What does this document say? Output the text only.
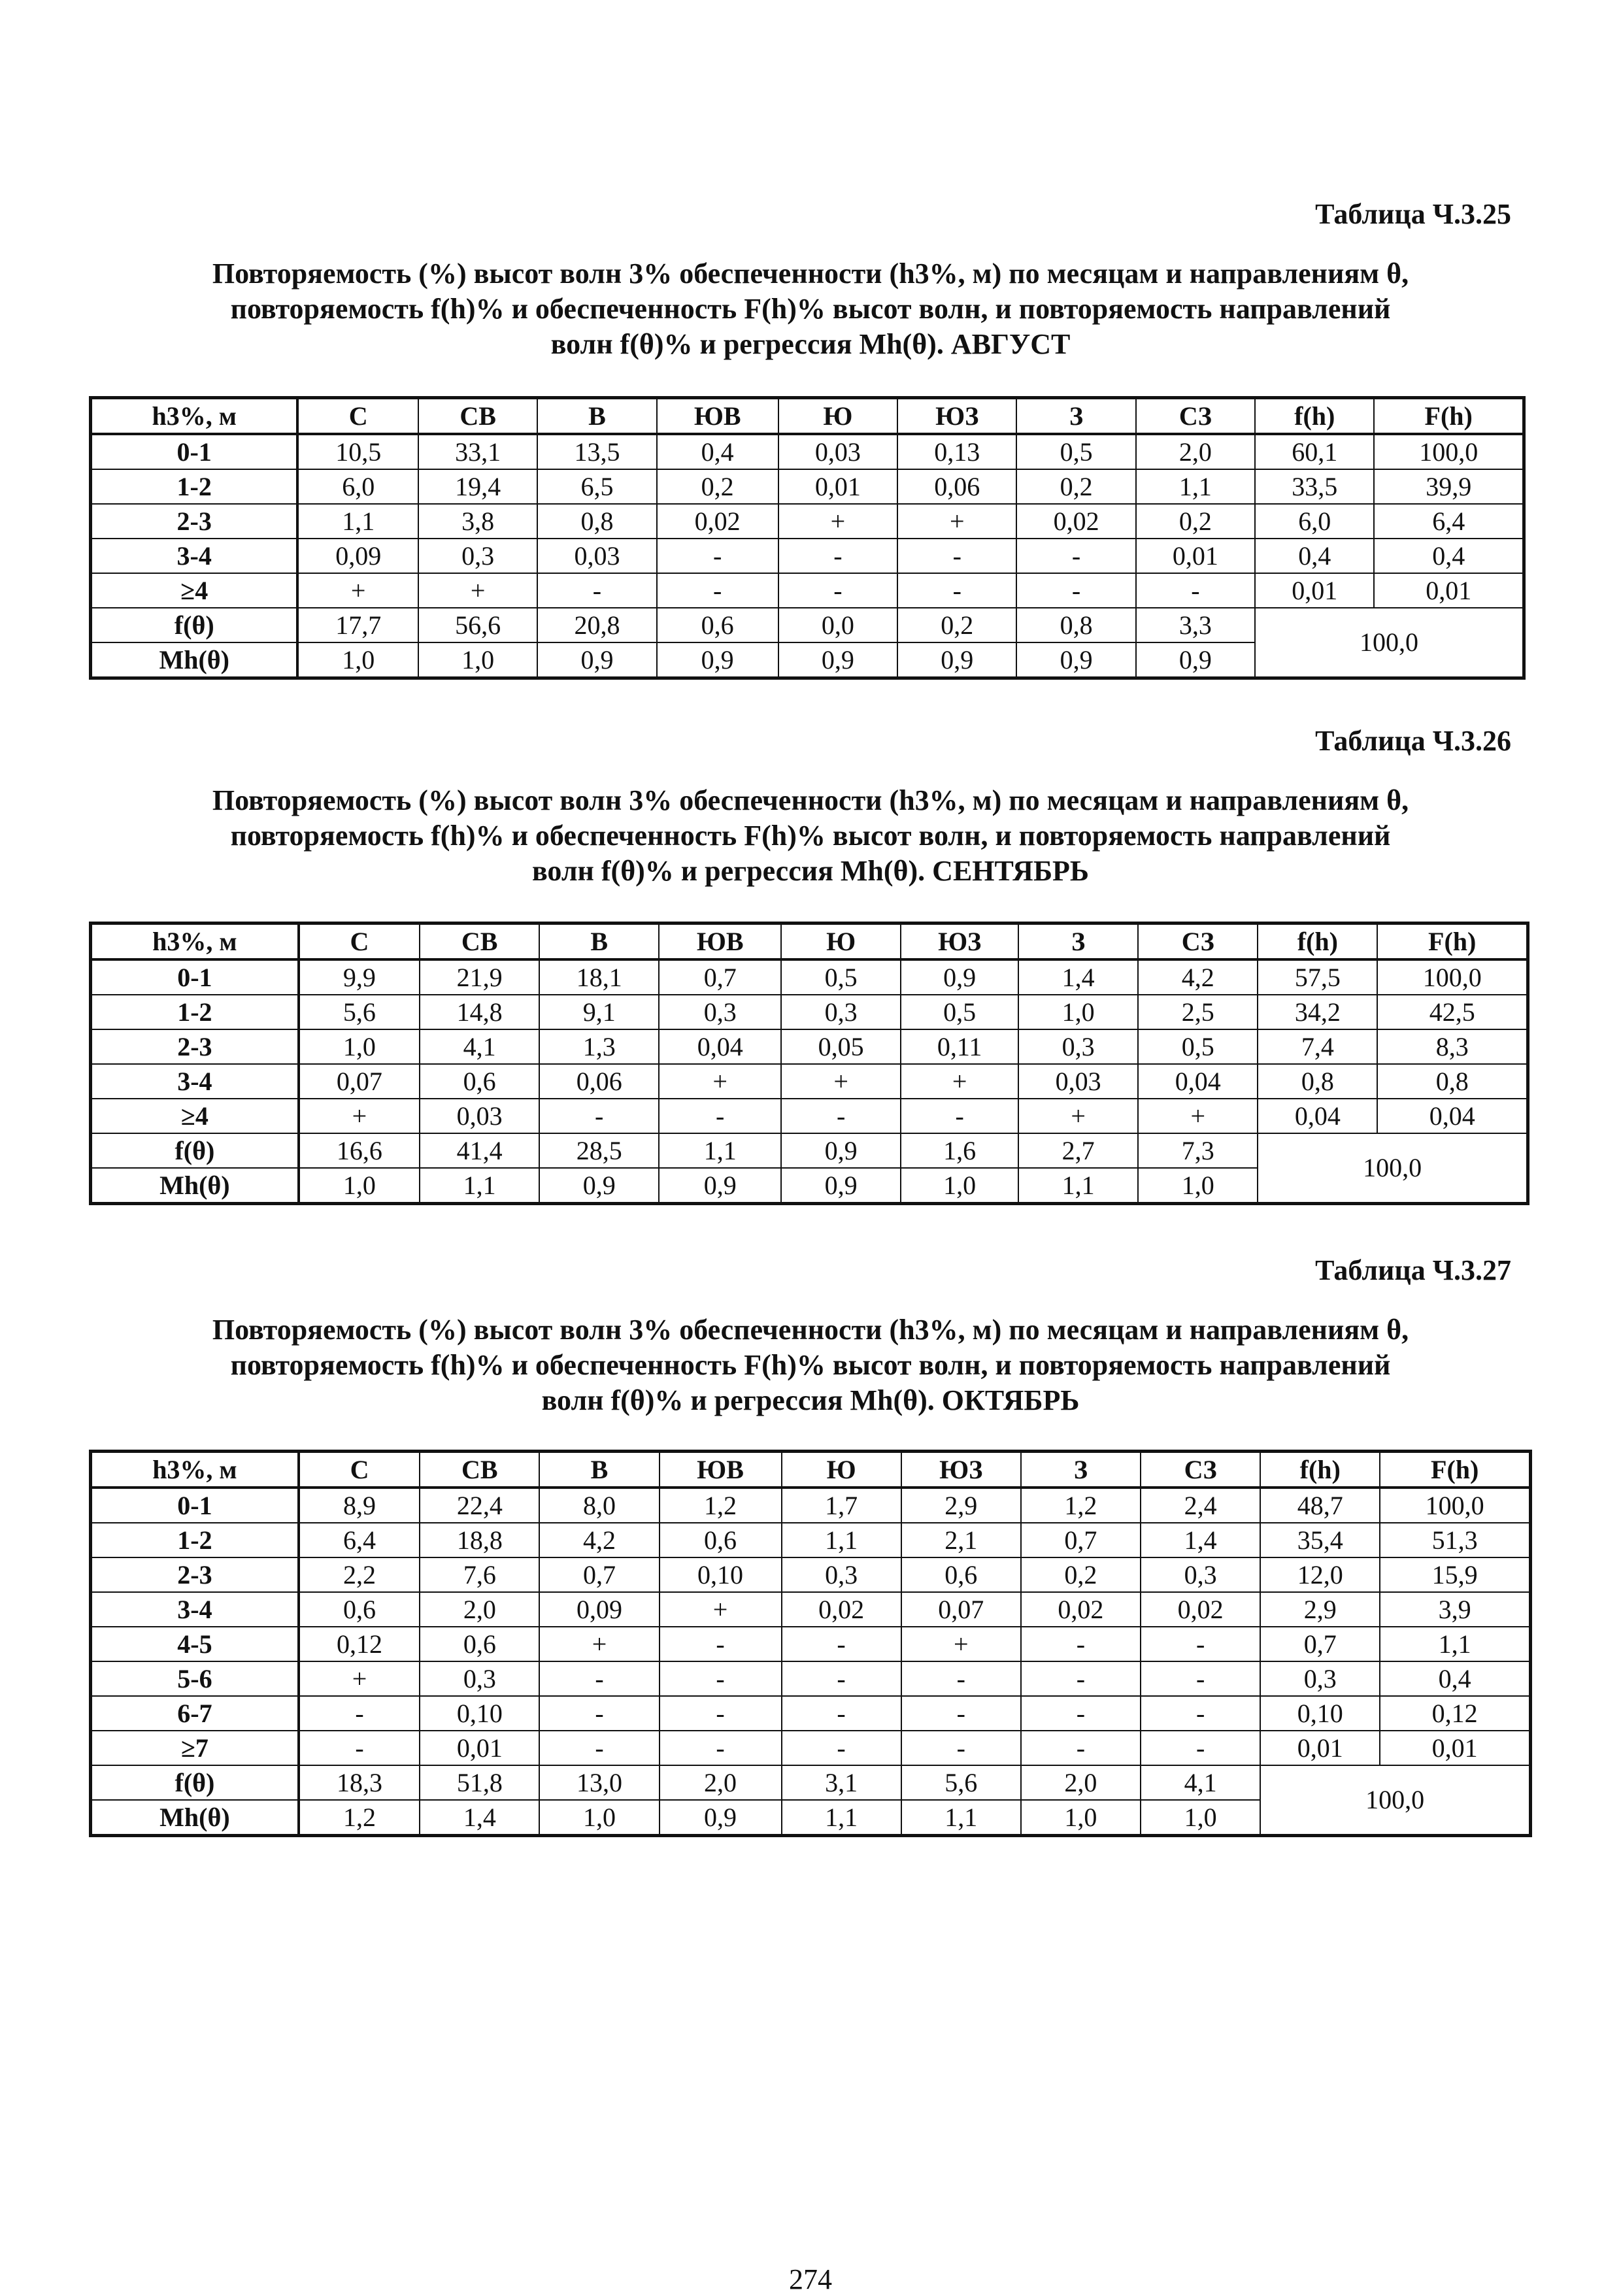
Таблица Ч.3.25
Повторяемость (%) высот волн 3% обеспеченности (h3%, м) по месяцам и направлениям θ,
повторяемость f(h)% и обеспеченность F(h)% высот волн, и повторяемость направлений
волн f(θ)% и регрессия Mh(θ). АВГУСТ
h3%, м	С	СВ	В	ЮВ	Ю	ЮЗ	З	СЗ	f(h)	F(h)
0-1	10,5	33,1	13,5	0,4	0,03	0,13	0,5	2,0	60,1	100,0
1-2	6,0	19,4	6,5	0,2	0,01	0,06	0,2	1,1	33,5	39,9
2-3	1,1	3,8	0,8	0,02	+	+	0,02	0,2	6,0	6,4
3-4	0,09	0,3	0,03	-	-	-	-	0,01	0,4	0,4
≥4	+	+	-	-	-	-	-	-	0,01	0,01
f(θ)	17,7	56,6	20,8	0,6	0,0	0,2	0,8	3,3	100,0	
Mh(θ)	1,0	1,0	0,9	0,9	0,9	0,9	0,9	0,9		
Таблица Ч.3.26
Повторяемость (%) высот волн 3% обеспеченности (h3%, м) по месяцам и направлениям θ,
повторяемость f(h)% и обеспеченность F(h)% высот волн, и повторяемость направлений
волн f(θ)% и регрессия Mh(θ). СЕНТЯБРЬ
h3%, м	С	СВ	В	ЮВ	Ю	ЮЗ	З	СЗ	f(h)	F(h)
0-1	9,9	21,9	18,1	0,7	0,5	0,9	1,4	4,2	57,5	100,0
1-2	5,6	14,8	9,1	0,3	0,3	0,5	1,0	2,5	34,2	42,5
2-3	1,0	4,1	1,3	0,04	0,05	0,11	0,3	0,5	7,4	8,3
3-4	0,07	0,6	0,06	+	+	+	0,03	0,04	0,8	0,8
≥4	+	0,03	-	-	-	-	+	+	0,04	0,04
f(θ)	16,6	41,4	28,5	1,1	0,9	1,6	2,7	7,3	100,0	
Mh(θ)	1,0	1,1	0,9	0,9	0,9	1,0	1,1	1,0		
Таблица Ч.3.27
Повторяемость (%) высот волн 3% обеспеченности (h3%, м) по месяцам и направлениям θ,
повторяемость f(h)% и обеспеченность F(h)% высот волн, и повторяемость направлений
волн f(θ)% и регрессия Mh(θ). ОКТЯБРЬ
h3%, м	С	СВ	В	ЮВ	Ю	ЮЗ	З	СЗ	f(h)	F(h)
0-1	8,9	22,4	8,0	1,2	1,7	2,9	1,2	2,4	48,7	100,0
1-2	6,4	18,8	4,2	0,6	1,1	2,1	0,7	1,4	35,4	51,3
2-3	2,2	7,6	0,7	0,10	0,3	0,6	0,2	0,3	12,0	15,9
3-4	0,6	2,0	0,09	+	0,02	0,07	0,02	0,02	2,9	3,9
4-5	0,12	0,6	+	-	-	+	-	-	0,7	1,1
5-6	+	0,3	-	-	-	-	-	-	0,3	0,4
6-7	-	0,10	-	-	-	-	-	-	0,10	0,12
≥7	-	0,01	-	-	-	-	-	-	0,01	0,01
f(θ)	18,3	51,8	13,0	2,0	3,1	5,6	2,0	4,1	100,0	
Mh(θ)	1,2	1,4	1,0	0,9	1,1	1,1	1,0	1,0		
274
